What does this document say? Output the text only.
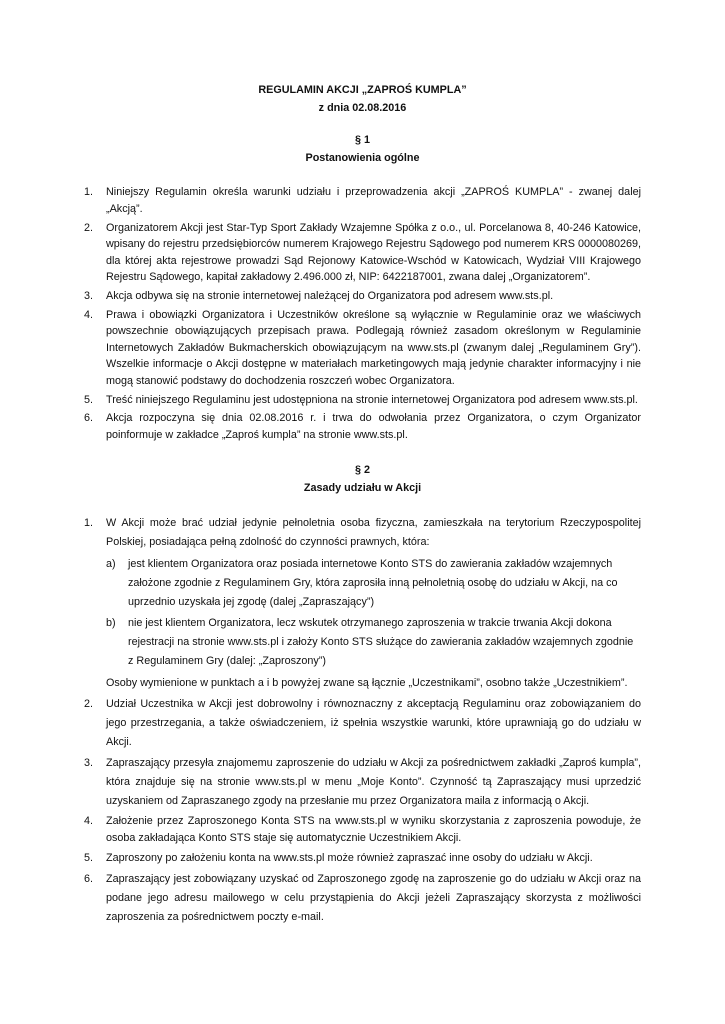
REGULAMIN AKCJI „ZAPROŚ KUMPLA”
z dnia 02.08.2016
§ 1
Postanowienia ogólne
1. Niniejszy Regulamin określa warunki udziału i przeprowadzenia akcji „ZAPROŚ KUMPLA” - zwanej dalej „Akcją”.
2. Organizatorem Akcji jest Star-Typ Sport Zakłady Wzajemne Spółka z o.o., ul. Porcelanowa 8, 40-246 Katowice, wpisany do rejestru przedsiębiorców numerem Krajowego Rejestru Sądowego pod numerem KRS 0000080269, dla której akta rejestrowe prowadzi Sąd Rejonowy Katowice-Wschód w Katowicach, Wydział VIII Krajowego Rejestru Sądowego, kapitał zakładowy 2.496.000 zł, NIP: 6422187001, zwana dalej „Organizatorem”.
3. Akcja odbywa się na stronie internetowej należącej do Organizatora pod adresem www.sts.pl.
4. Prawa i obowiązki Organizatora i Uczestników określone są wyłącznie w Regulaminie oraz we właściwych powszechnie obowiązujących przepisach prawa. Podlegają również zasadom określonym w Regulaminie Internetowych Zakładów Bukmacherskich obowiązującym na www.sts.pl (zwanym dalej „Regulaminem Gry”). Wszelkie informacje o Akcji dostępne w materiałach marketingowych mają jedynie charakter informacyjny i nie mogą stanowić podstawy do dochodzenia roszczeń wobec Organizatora.
5. Treść niniejszego Regulaminu jest udostępniona na stronie internetowej Organizatora pod adresem www.sts.pl.
6. Akcja rozpoczyna się dnia 02.08.2016 r. i trwa do odwołania przez Organizatora, o czym Organizator poinformuje w zakładce „Zaproś kumpla” na stronie www.sts.pl.
§ 2
Zasady udziału w Akcji
1. W Akcji może brać udział jedynie pełnoletnia osoba fizyczna, zamieszkała na terytorium Rzeczypospolitej Polskiej, posiadająca pełną zdolność do czynności prawnych, która:
a) jest klientem Organizatora oraz posiada internetowe Konto STS do zawierania zakładów wzajemnych założone zgodnie z Regulaminem Gry, która zaprosiła inną pełnoletnią osobę do udziału w Akcji, na co uprzednio uzyskała jej zgodę (dalej „Zapraszający”)
b) nie jest klientem Organizatora, lecz wskutek otrzymanego zaproszenia w trakcie trwania Akcji dokona rejestracji na stronie www.sts.pl i założy Konto STS służące do zawierania zakładów wzajemnych zgodnie z Regulaminem Gry (dalej: „Zaproszony”)
Osoby wymienione w punktach a i b powyżej zwane są łącznie „Uczestnikami”, osobno także „Uczestnikiem”.
2. Udział Uczestnika w Akcji jest dobrowolny i równoznaczny z akceptacją Regulaminu oraz zobowiązaniem do jego przestrzegania, a także oświadczeniem, iż spełnia wszystkie warunki, które uprawniają go do udziału w Akcji.
3. Zapraszający przesyła znajomemu zaproszenie do udziału w Akcji za pośrednictwem zakładki „Zaproś kumpla”, która znajduje się na stronie www.sts.pl w menu „Moje Konto”. Czynność tą Zapraszający musi uprzedzić uzyskaniem od Zapraszanego zgody na przesłanie mu przez Organizatora maila z informacją o Akcji.
4. Założenie przez Zaproszonego Konta STS na www.sts.pl w wyniku skorzystania z zaproszenia powoduje, że osoba zakładająca Konto STS staje się automatycznie Uczestnikiem Akcji.
5. Zaproszony po założeniu konta na www.sts.pl może również zapraszać inne osoby do udziału w Akcji.
6. Zapraszający jest zobowiązany uzyskać od Zaproszonego zgodę na zaproszenie go do udziału w Akcji oraz na podane jego adresu mailowego w celu przystąpienia do Akcji jeżeli Zapraszający skorzysta z możliwości zaproszenia za pośrednictwem poczty e-mail.
